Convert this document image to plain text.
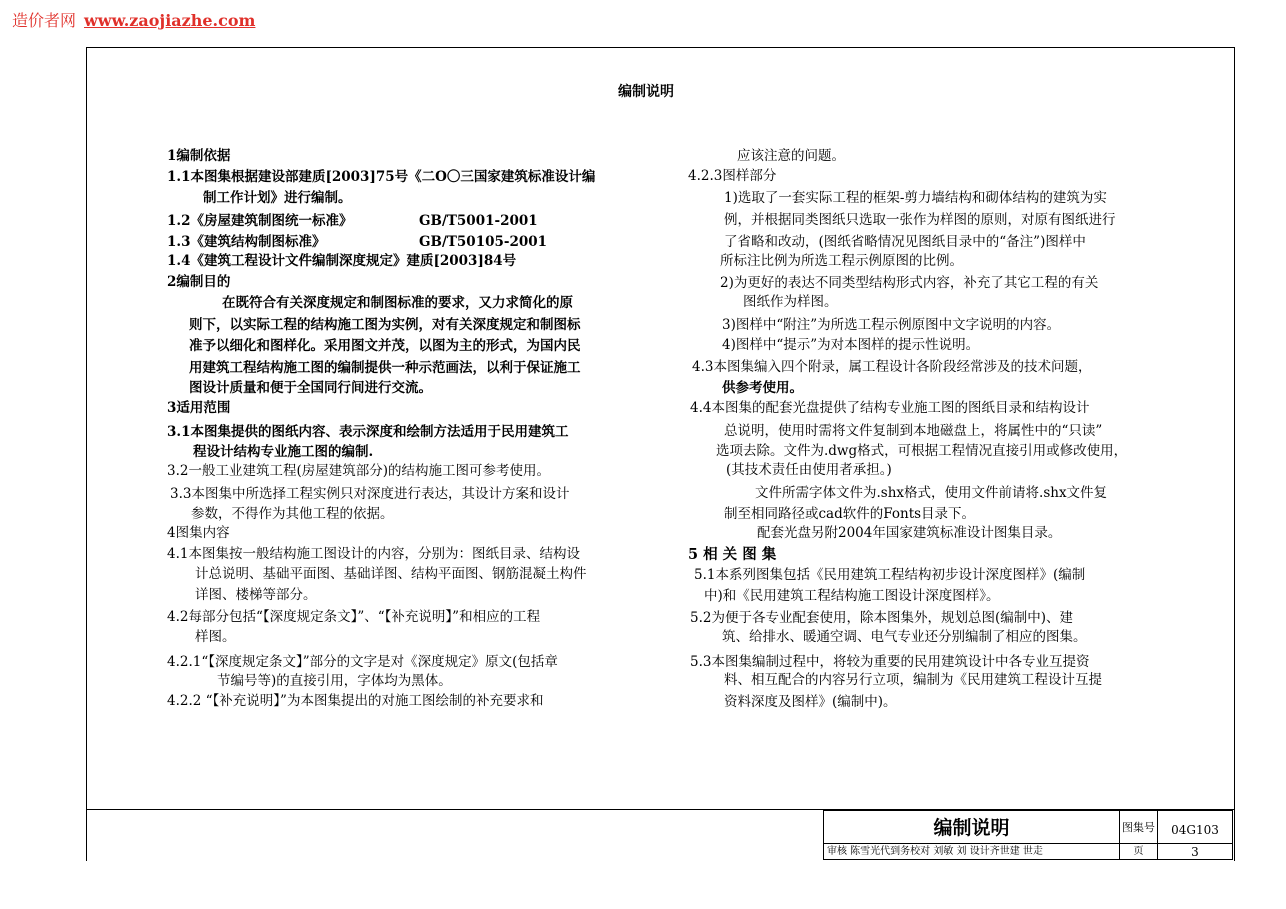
造价者网 www.zaojiazhe.com
编制说明
1编制依据
1.1本图集根据建设部建质[2003]75号《二O〇三国家建筑标准设计编
制工作计划》进行编制。
1.2《房屋建筑制图统一标准》	GB/T5001-2001
1.3《建筑结构制图标准》	GB/T50105-2001
1.4《建筑工程设计文件编制深度规定》建质[2003]84号
2编制目的
在既符合有关深度规定和制图标准的要求，又力求简化的原
则下，以实际工程的结构施工图为实例，对有关深度规定和制图标
准予以细化和图样化。采用图文并茂，以图为主的形式，为国内民
用建筑工程结构施工图的编制提供一种示范画法，以利于保证施工
图设计质量和便于全国同行间进行交流。
3适用范围
3.1本图集提供的图纸内容、表示深度和绘制方法适用于民用建筑工
程设计结构专业施工图的编制.
3.2一般工业建筑工程(房屋建筑部分)的结构施工图可参考使用。
3.3本图集中所选择工程实例只对深度进行表达，其设计方案和设计
参数，不得作为其他工程的依据。
4图集内容
4.1本图集按一般结构施工图设计的内容，分别为：图纸目录、结构设
计总说明、基础平面图、基础详图、结构平面图、钢筋混凝土构件
详图、楼梯等部分。
4.2每部分包括“【深度规定条文】”、“【补充说明】”和相应的工程
样图。
4.2.1“【深度规定条文】”部分的文字是对《深度规定》原文(包括章
节编号等)的直接引用，字体均为黑体。
4.2.2 “【补充说明】”为本图集提出的对施工图绘制的补充要求和
应该注意的问题。
4.2.3图样部分
1)选取了一套实际工程的框架-剪力墙结构和砌体结构的建筑为实
例，并根据同类图纸只选取一张作为样图的原则，对原有图纸进行
了省略和改动，(图纸省略情况见图纸目录中的“备注”)图样中
所标注比例为所选工程示例原图的比例。
2)为更好的表达不同类型结构形式内容，补充了其它工程的有关
图纸作为样图。
3)图样中“附注”为所选工程示例原图中文字说明的内容。
4)图样中“提示”为对本图样的提示性说明。
4.3本图集编入四个附录，属工程设计各阶段经常涉及的技术问题，
供参考使用。
4.4本图集的配套光盘提供了结构专业施工图的图纸目录和结构设计
总说明，使用时需将文件复制到本地磁盘上，将属性中的“只读”
选项去除。文件为.dwg格式，可根据工程情况直接引用或修改使用，
(其技术责任由使用者承担。)
文件所需字体文件为.shx格式，使用文件前请将.shx文件复
制至相同路径或cad软件的Fonts目录下。
配套光盘另附2004年国家建筑标准设计图集目录。
5 相 关 图 集
5.1本系列图集包括《民用建筑工程结构初步设计深度图样》(编制
中)和《民用建筑工程结构施工图设计深度图样》。
5.2为便于各专业配套使用，除本图集外，规划总图(编制中)、建
筑、给排水、暖通空调、电气专业还分别编制了相应的图集。
5.3本图集编制过程中，将较为重要的民用建筑设计中各专业互提资
料、相互配合的内容另行立项，编制为《民用建筑工程设计互提
资料深度及图样》(编制中)。
编制说明	图集号	04G103
审核 陈雪光代到务校对 刘敏 刘 设计齐世建 世走	页	3
